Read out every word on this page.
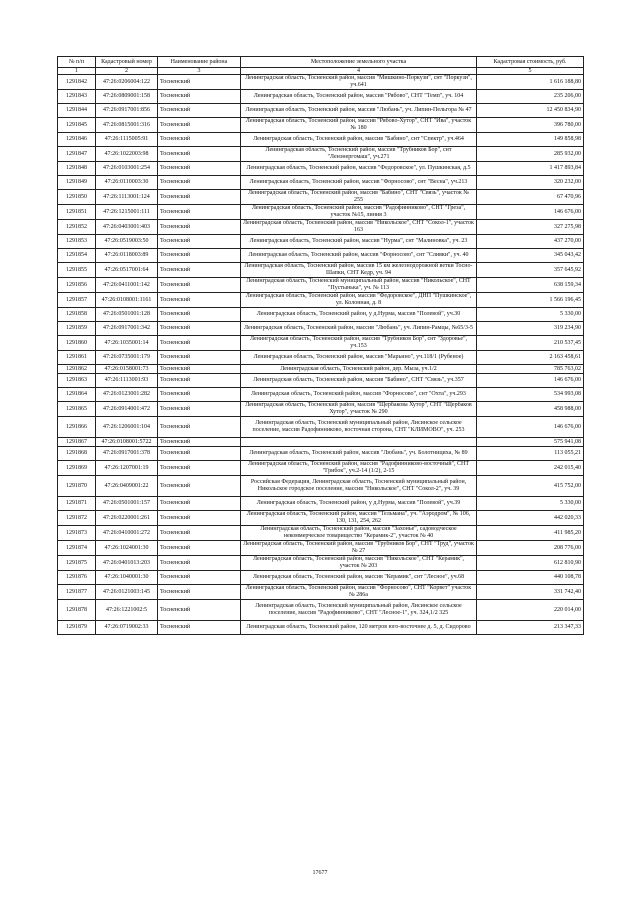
№ п/п	Кадастровый номер	Наименование района	Местоположение земельного участка	Кадастровая стоимость, руб.
1	2	3	4	5
1291842	47:26:0206004:122	Тосненский	Ленинградская область, Тосненский район, массив "Мишкино-Поркузи", снт "Поркузи", уч.641	1 616 188,80
1291843	47:26:0809001:158	Тосненский	Ленинградская область, Тосненский район, массив "Рябово", СНТ "Темп", уч. 104	235 206,00
1291844	47:26:0917001:856	Тосненский	Ленинградская область, Тосненский район, массив "Любань", уч. Липин-Пельгора № 47	12 450 834,90
1291845	47:26:0815001:316	Тосненский	Ленинградская область, Тосненский район, массив "Рябово-Хутор", СНТ "Ива", участок № 180	396 780,00
1291846	47:26:1115005:91	Тосненский	Ленинградская область, Тосненский район, массив "Бабино", снт "Спектр", уч.464	149 858,98
1291847	47:26:1022003:98	Тосненский	Ленинградская область, Тосненский район, массив "Трубников Бор", снт "Ленэнергомаш", уч.271	285 932,00
1291848	47:26:0103001:254	Тосненский	Ленинградская область, Тосненский район, массив "Федоровское", ул. Пушкинская, д.5	1 417 893,84
1291849	47:26:0110003:30	Тосненский	Ленинградская область, Тосненский район, массив "Форносово", снт "Весна", уч.213	320 232,00
1291850	47:26:1113001:124	Тосненский	Ленинградская область, Тосненский район, массив "Бабино", СНТ "Связь", участок № 255	67 470,96
1291851	47:26:1215001:111	Тосненский	Ленинградская область, Тосненский район, массив "Радофинниково", СНТ "Греза", участок №15, линия 3	146 676,00
1291852	47:26:0403001:403	Тосненский	Ленинградская область, Тосненский район, массив "Никольское", СНТ "Сокол-1", участок 163	327 275,98
1291853	47:26:0519003:50	Тосненский	Ленинградская область, Тосненский район, массив "Нурма", снт "Малиновка", уч. 23	437 270,00
1291854	47:26:0118003:89	Тосненский	Ленинградская область, Тосненский район, массив "Форносово", снт "Сливки", уч. 40	345 043,42
1291855	47:26:0517001:64	Тосненский	Ленинградская область, Тосненский район, массив 15 км железнодорожной ветки Тосно-Шапки, СНТ Кедр, уч. 94	357 645,92
1291856	47:26:0411001:142	Тосненский	Ленинградская область, Тосненский муниципальный район, массив "Никольское", СНТ "Пустынька", уч. № 113	638 159,34
1291857	47:26:0108001:1161	Тосненский	Ленинградская область, Тосненский район, массив "Федоровское", ДНП "Пушкинское", ул. Колонная, д. 8	1 566 196,45
1291858	47:26:0501001:128	Тосненский	Ленинградская область, Тосненский район, у д.Нурма, массив "Полевой", уч.30	5 330,00
1291859	47:26:0917001:342	Тосненский	Ленинградская область, Тосненский район, массив "Любань", уч. Липин-Рамцы, №65/3-5	319 234,90
1291860	47:26:1035001:14	Тосненский	Ленинградская область, Тосненский район, массив "Трубников Бор", снт "Здоровье", уч.153	210 537,45
1291861	47:26:0735001:179	Тосненский	Ленинградская область, Тосненский район, массив "Марьино", уч.118/1 (Рубеное)	2 163 458,61
1291862	47:26:0158001:73	Тосненский	Ленинградская область, Тосненский район, дер. Мыза, уч.1/2	785 763,02
1291863	47:26:1113001:93	Тосненский	Ленинградская область, Тосненский район, массив "Бабино", СНТ "Связь", уч.357	146 676,00
1291864	47:26:0123001:282	Тосненский	Ленинградская область, Тосненский район, массив "Форносово", снт "Охта", уч.293	534 993,08
1291865	47:26:0914001:472	Тосненский	Ленинградская область, Тосненский район, массив "Щербакова Хутор", СНТ "Щербаков Хутор", участок № 290	458 988,00
1291866	47:26:1206001:104	Тосненский	Ленинградская область, Тосненский муниципальный район, Лисинское сельское поселение, массив Радофинниково, восточная сторона, СНТ "КЛИМОВО", уч. 253	146 676,00
1291867	47:26:0108001:5722	Тосненский		575 941,08
1291868	47:26:0917001:378	Тосненский	Ленинградская область, Тосненский район, массив "Любань", уч. Болотнициха, № 89	113 055,21
1291869	47:26:1207001:19	Тосненский	Ленинградская область, Тосненский район, массив "Радофинниково-восточный", СНТ "Грибок", уч.2-14 (1/2), 2-15	242 015,40
1291870	47:26:0409001:22	Тосненский	Российская Федерация, Ленинградская область, Тосненский муниципальный район, Никольское городское поселение, массив "Никольское", СНТ "Сокол-2", уч. 39	415 752,00
1291871	47:26:0501001:157	Тосненский	Ленинградская область, Тосненский район, у д.Нурма, массив "Полевой", уч.39	5 330,00
1291872	47:26:0220001:261	Тосненский	Ленинградская область, Тосненский район, массив "Тельмана", уч. "Аэродром", № 106, 130, 131, 254, 262	442 020,33
1291873	47:26:0410001:272	Тосненский	Ленинградская область, Тосненский район, массив "Захонье", садоводческое некоммерческое товарищество "Керамик-2", участок № 40	411 985,20
1291874	47:26:1024001:30	Тосненский	Ленинградская область, Тосненский район, массив "Трубников Бор", СНТ "Труд", участок № 27	208 776,00
1291875	47:26:0401013:203	Тосненский	Ленинградская область, Тосненский район, массив "Никольское", СНТ "Керамик", участок № 203	612 810,90
1291876	47:26:1040001:30	Тосненский	Ленинградская область, Тосненский район, массив "Керамик", снт "Лесное", уч.68	440 108,78
1291877	47:26:0121003:145	Тосненский	Ленинградская область, Тосненский район, массив "Форносово", СНТ "Корвет" участок № 286а	331 742,40
1291878	47:26:1221002:5	Тосненский	Ленинградская область, Тосненский муниципальный район, Лисинское сельское поселение, массив "Радофинниково", СНТ "Лесное-1", уч. 324,1/2 325	220 014,00
1291879	47:26:0719002:33	Тосненский	Ленинградская область, Тосненский район, 120 метров юго-восточнее д. 5, д. Сидорово	213 347,33
17677
